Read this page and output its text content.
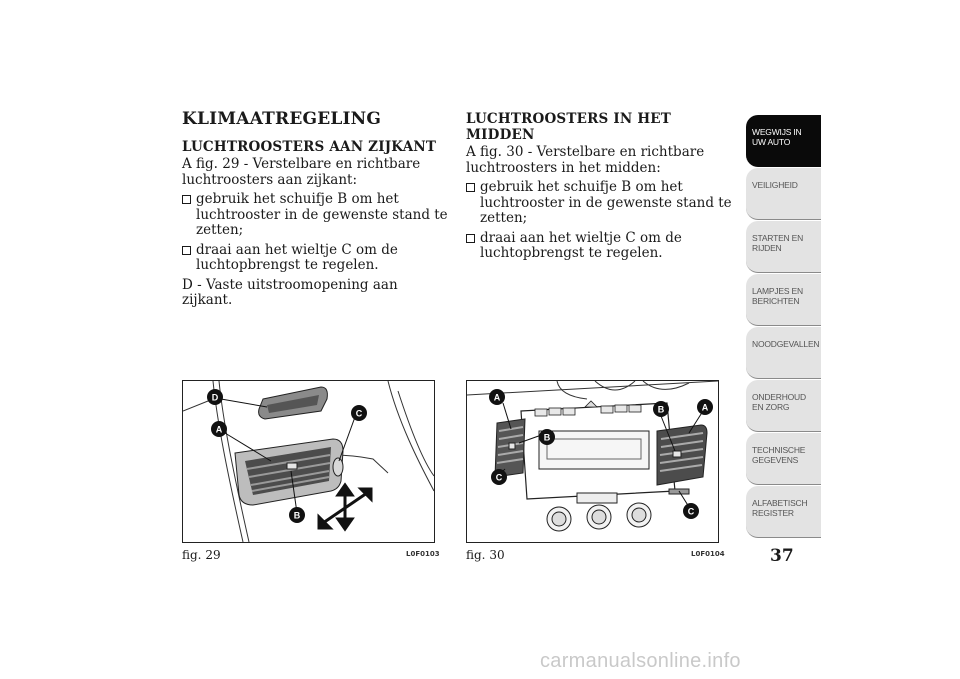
KLIMAATREGELING
LUCHTROOSTERS AAN ZIJKANT

A fig. 29 - Verstelbare en richtbare luchtroosters aan zijkant:

gebruik het schuifje B om het luchtrooster in de gewenste stand te zetten;
draai aan het wieltje C om de luchtopbrengst te regelen.

D - Vaste uitstroomopening aan zijkant.

LUCHTROOSTERS IN HET MIDDEN

A fig. 30 - Verstelbare en richtbare luchtroosters in het midden:

gebruik het schuifje B om het luchtrooster in de gewenste stand te zetten;
draai aan het wieltje C om de luchtopbrengst te regelen.
D
A
C
B
A
B
C
B	A
C
fig. 29	L0F0103 fig. 30	L0F0104
WEGWIJS IN UW AUTO
VEILIGHEID
STARTEN EN RIJDEN
LAMPJES EN BERICHTEN
NOODGEVALLEN
ONDERHOUD EN ZORG
TECHNISCHE GEGEVENS
ALFABETISCH REGISTER
37
carmanualsonline.info
